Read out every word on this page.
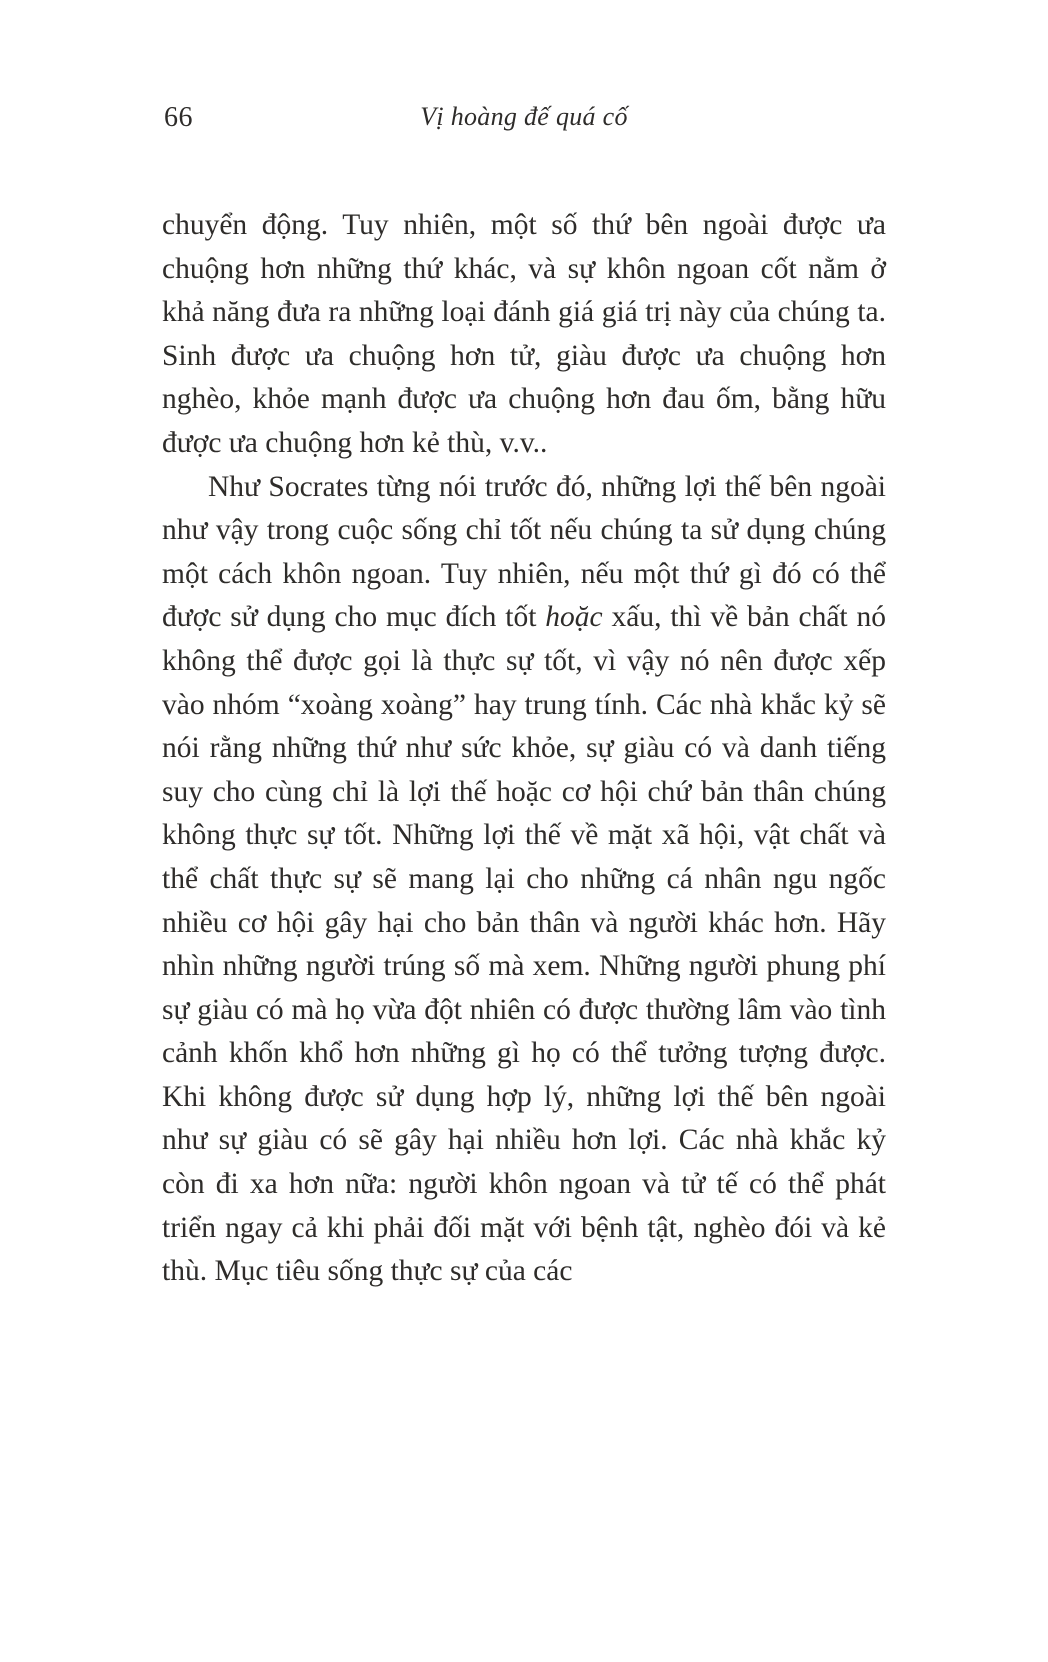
66	Vị hoàng đế quá cố

chuyển động. Tuy nhiên, một số thứ bên ngoài được ưa chuộng hơn những thứ khác, và sự khôn ngoan cốt nằm ở khả năng đưa ra những loại đánh giá giá trị này của chúng ta. Sinh được ưa chuộng hơn tử, giàu được ưa chuộng hơn nghèo, khỏe mạnh được ưa chuộng hơn đau ốm, bằng hữu được ưa chuộng hơn kẻ thù, v.v..

Như Socrates từng nói trước đó, những lợi thế bên ngoài như vậy trong cuộc sống chỉ tốt nếu chúng ta sử dụng chúng một cách khôn ngoan. Tuy nhiên, nếu một thứ gì đó có thể được sử dụng cho mục đích tốt hoặc xấu, thì về bản chất nó không thể được gọi là thực sự tốt, vì vậy nó nên được xếp vào nhóm “xoàng xoàng” hay trung tính. Các nhà khắc kỷ sẽ nói rằng những thứ như sức khỏe, sự giàu có và danh tiếng suy cho cùng chỉ là lợi thế hoặc cơ hội chứ bản thân chúng không thực sự tốt. Những lợi thế về mặt xã hội, vật chất và thể chất thực sự sẽ mang lại cho những cá nhân ngu ngốc nhiều cơ hội gây hại cho bản thân và người khác hơn. Hãy nhìn những người trúng số mà xem. Những người phung phí sự giàu có mà họ vừa đột nhiên có được thường lâm vào tình cảnh khốn khổ hơn những gì họ có thể tưởng tượng được. Khi không được sử dụng hợp lý, những lợi thế bên ngoài như sự giàu có sẽ gây hại nhiều hơn lợi. Các nhà khắc kỷ còn đi xa hơn nữa: người khôn ngoan và tử tế có thể phát triển ngay cả khi phải đối mặt với bệnh tật, nghèo đói và kẻ thù. Mục tiêu sống thực sự của các
